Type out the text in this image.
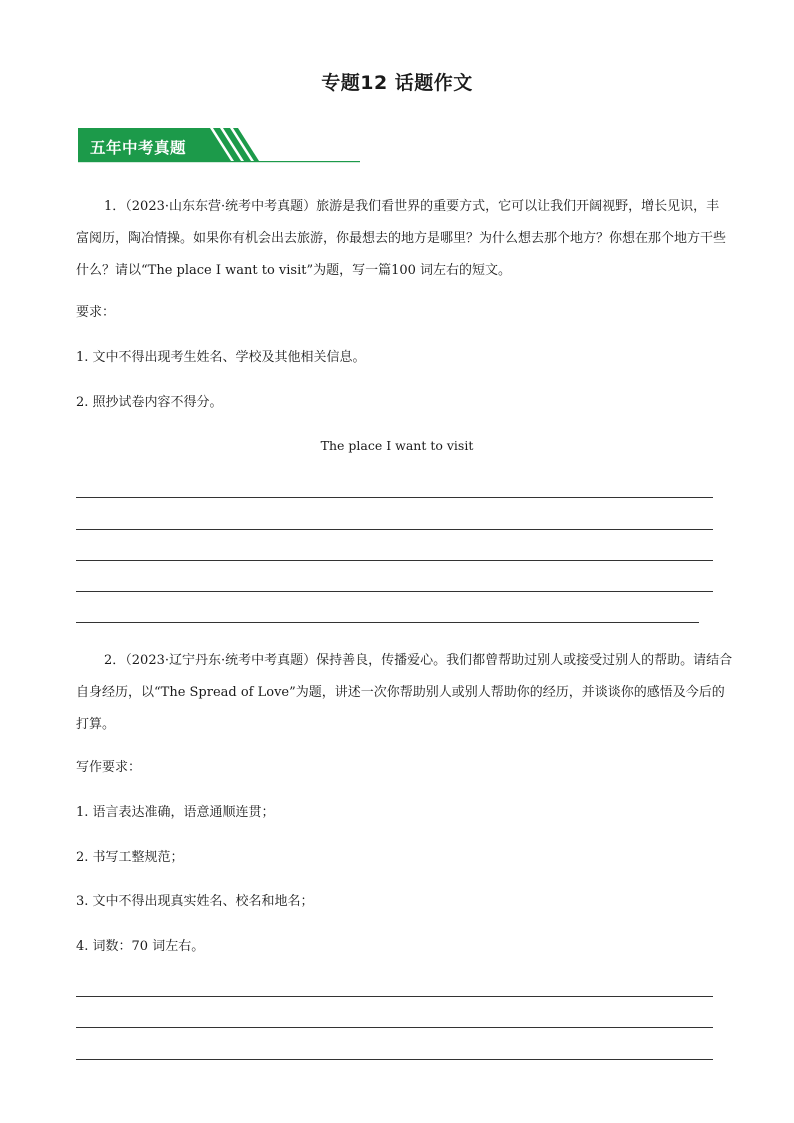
专题12 话题作文
五年中考真题
1．（2023·山东东营·统考中考真题）旅游是我们看世界的重要方式，它可以让我们开阔视野，增长见识，丰富阅历，陶冶情操。如果你有机会出去旅游，你最想去的地方是哪里？为什么想去那个地方？你想在那个地方干些什么？请以“The place I want to visit”为题，写一篇100 词左右的短文。
要求：
1. 文中不得出现考生姓名、学校及其他相关信息。
2. 照抄试卷内容不得分。
The place I want to visit
2．（2023·辽宁丹东·统考中考真题）保持善良，传播爱心。我们都曾帮助过别人或接受过别人的帮助。请结合自身经历，以“The Spread of Love”为题，讲述一次你帮助别人或别人帮助你的经历，并谈谈你的感悟及今后的打算。
写作要求：
1. 语言表达准确，语意通顺连贯；
2. 书写工整规范；
3. 文中不得出现真实姓名、校名和地名；
4. 词数：70 词左右。
